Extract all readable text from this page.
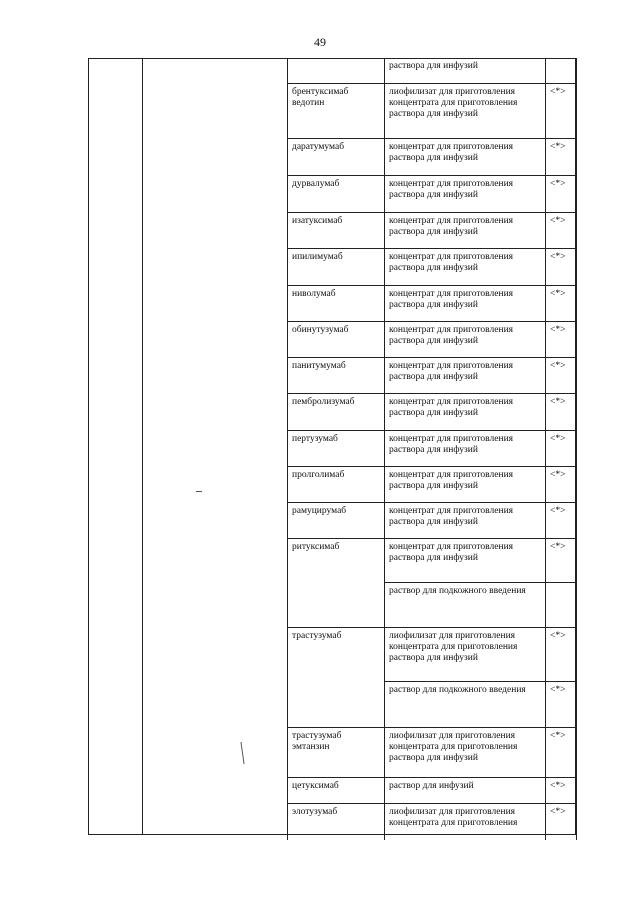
49
	раствора для инфузий	
брентуксимаб ведотин	лиофилизат для приготовления концентрата для приготовления раствора для инфузий	<*>
даратумумаб	концентрат для приготовления раствора для инфузий	<*>
дурвалумаб	концентрат для приготовления раствора для инфузий	<*>
изатуксимаб	концентрат для приготовления раствора для инфузий	<*>
ипилимумаб	концентрат для приготовления раствора для инфузий	<*>
ниволумаб	концентрат для приготовления раствора для инфузий	<*>
обинутузумаб	концентрат для приготовления раствора для инфузий	<*>
панитумумаб	концентрат для приготовления раствора для инфузий	<*>
пембролизумаб	концентрат для приготовления раствора для инфузий	<*>
пертузумаб	концентрат для приготовления раствора для инфузий	<*>
пролголимаб	концентрат для приготовления раствора для инфузий	<*>
рамуцирумаб	концентрат для приготовления раствора для инфузий	<*>
ритуксимаб	концентрат для приготовления раствора для инфузий	<*>
	раствор для подкожного введения	
трастузумаб	лиофилизат для приготовления концентрата для приготовления раствора для инфузий	<*>
	раствор для подкожного введения	<*>
трастузумаб эмтанзин	лиофилизат для приготовления концентрата для приготовления раствора для инфузий	<*>
цетуксимаб	раствор для инфузий	<*>
элотузумаб	лиофилизат для приготовления концентрата для приготовления	<*>
